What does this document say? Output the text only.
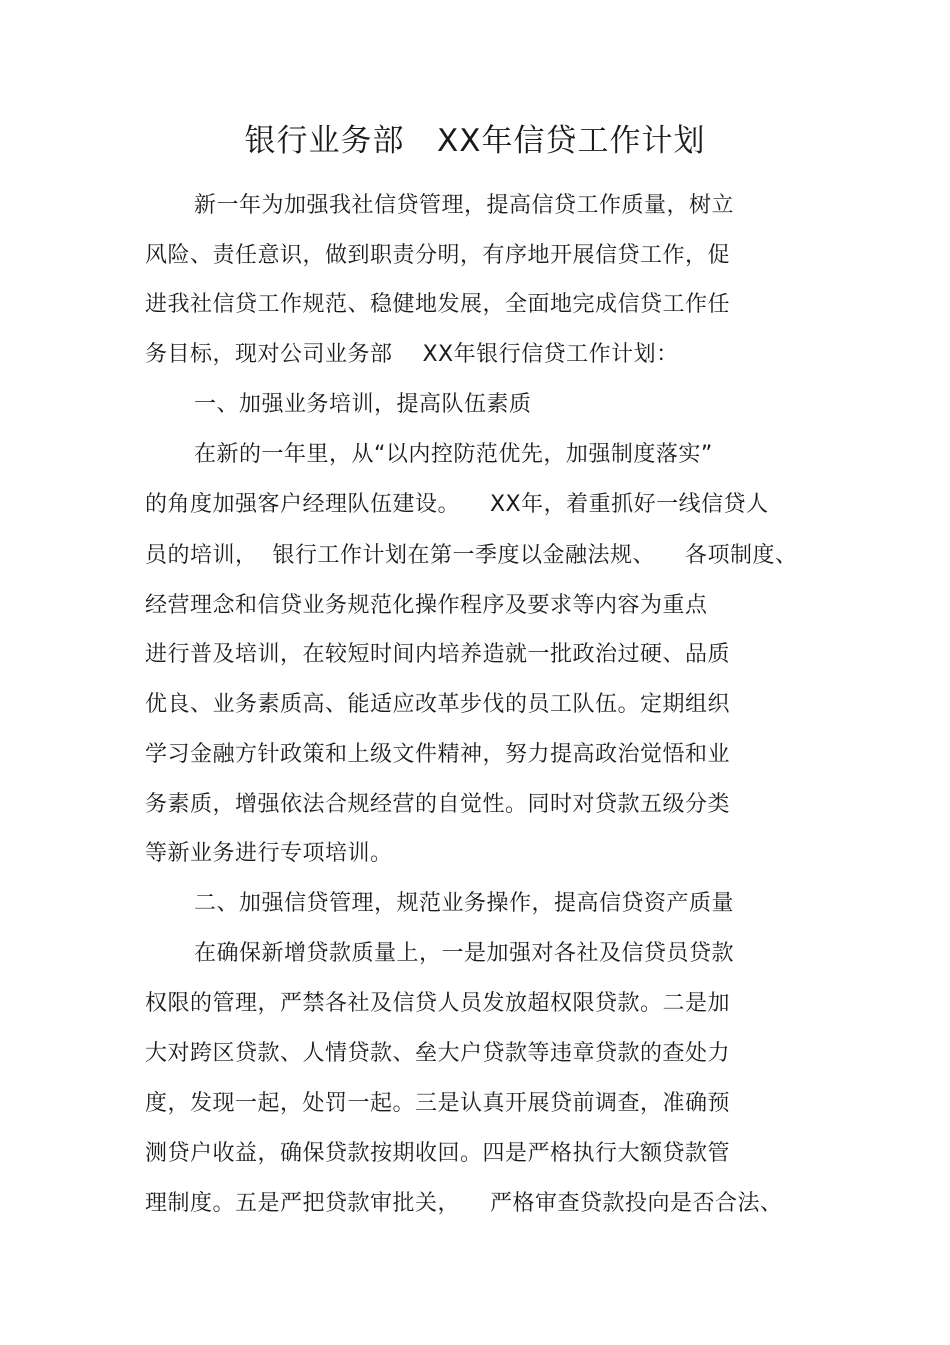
银行业务部   XX年信贷工作计划
新一年为加强我社信贷管理，提高信贷工作质量，树立
风险、责任意识，做到职责分明，有序地开展信贷工作，促
进我社信贷工作规范、稳健地发展，全面地完成信贷工作任
务目标，现对公司业务部    XX年银行信贷工作计划：
一、加强业务培训，提高队伍素质
在新的一年里，从“以内控防范优先，加强制度落实”
的角度加强客户经理队伍建设。    XX年，着重抓好一线信贷人
员的培训，  银行工作计划在第一季度以金融法规、    各项制度、
经营理念和信贷业务规范化操作程序及要求等内容为重点
进行普及培训，在较短时间内培养造就一批政治过硬、品质
优良、业务素质高、能适应改革步伐的员工队伍。定期组织
学习金融方针政策和上级文件精神，努力提高政治觉悟和业
务素质，增强依法合规经营的自觉性。同时对贷款五级分类
等新业务进行专项培训。
二、加强信贷管理，规范业务操作，提高信贷资产质量
在确保新增贷款质量上，一是加强对各社及信贷员贷款
权限的管理，严禁各社及信贷人员发放超权限贷款。二是加
大对跨区贷款、人情贷款、垒大户贷款等违章贷款的查处力
度，发现一起，处罚一起。三是认真开展贷前调查，准确预
测贷户收益，确保贷款按期收回。四是严格执行大额贷款管
理制度。五是严把贷款审批关，    严格审查贷款投向是否合法、
